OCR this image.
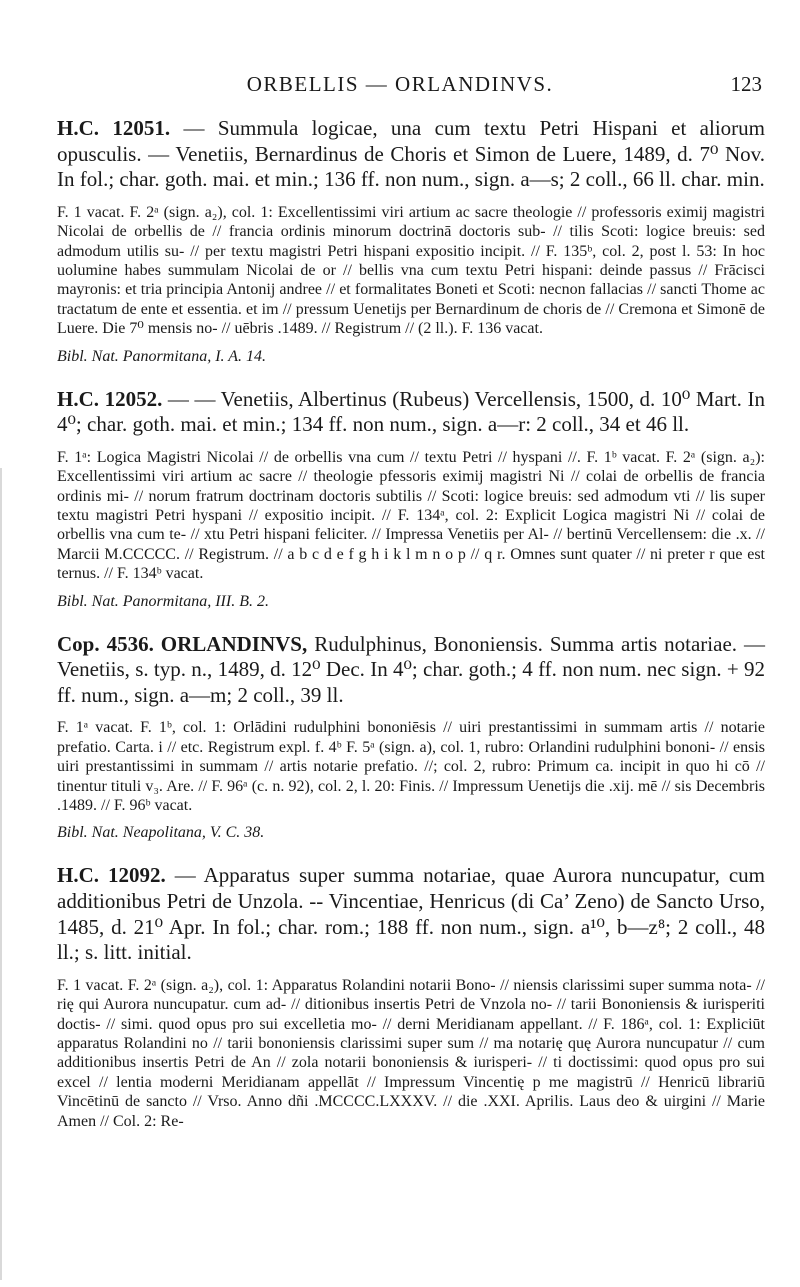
ORBELLIS — ORLANDINVS.	123

H.C. 12051. — Summula logicae, una cum textu Petri Hispani et aliorum opusculis. — Venetiis, Bernardinus de Choris et Simon de Luere, 1489, d. 7⁰ Nov. In fol.; char. goth. mai. et min.; 136 ff. non num., sign. a—s; 2 coll., 66 ll. char. min.

F. 1 vacat. F. 2ᵃ (sign. a₂), col. 1: Excellentissimi viri artium ac sacre theologie // professoris eximij magistri Nicolai de orbellis de // francia ordinis minorum doctrinā doctoris sub- // tilis Scoti: logice breuis: sed admodum utilis su- // per textu magistri Petri hispani expositio incipit. // F. 135ᵇ, col. 2, post l. 53: In hoc uolumine habes summulam Nicolai de or // bellis vna cum textu Petri hispani: deinde passus // Frācisci mayronis: et tria principia Antonij andree // et formalitates Boneti et Scoti: necnon fallacias // sancti Thome ac tractatum de ente et essentia. et im // pressum Uenetijs per Bernardinum de choris de // Cremona et Simonē de Luere. Die 7⁰ mensis no- // uēbris .1489. // Registrum // (2 ll.). F. 136 vacat.

Bibl. Nat. Panormitana, I. A. 14.

H.C. 12052. — — Venetiis, Albertinus (Rubeus) Vercellensis, 1500, d. 10⁰ Mart. In 4⁰; char. goth. mai. et min.; 134 ff. non num., sign. a—r: 2 coll., 34 et 46 ll.

F. 1ᵃ: Logica Magistri Nicolai // de orbellis vna cum // textu Petri // hyspani //. F. 1ᵇ vacat. F. 2ᵃ (sign. a₂): Excellentissimi viri artium ac sacre // theologie pfessoris eximij magistri Ni // colai de orbellis de francia ordinis mi- // norum fratrum doctrinam doctoris subtilis // Scoti: logice breuis: sed admodum vti // lis super textu magistri Petri hyspani // expositio incipit. // F. 134ᵃ, col. 2: Explicit Logica magistri Ni // colai de orbellis vna cum te- // xtu Petri hispani feliciter. // Impressa Venetiis per Al- // bertinū Vercellensem: die .x. // Marcii M.CCCCC. // Registrum. // a b c d e f g h i k l m n o p // q r. Omnes sunt quater // ni preter r que est ternus. // F. 134ᵇ vacat.

Bibl. Nat. Panormitana, III. B. 2.

Cop. 4536. ORLANDINVS, Rudulphinus, Bononiensis. Summa artis notariae. — Venetiis, s. typ. n., 1489, d. 12⁰ Dec. In 4⁰; char. goth.; 4 ff. non num. nec sign. + 92 ff. num., sign. a—m; 2 coll., 39 ll.

F. 1ᵃ vacat. F. 1ᵇ, col. 1: Orlādini rudulphini bononiēsis // uiri prestantissimi in summam artis // notarie prefatio. Carta. i // etc. Registrum expl. f. 4ᵇ F. 5ᵃ (sign. a), col. 1, rubro: Orlandini rudulphini bononi- // ensis uiri prestantissimi in summam // artis notarie prefatio. //; col. 2, rubro: Primum ca. incipit in quo hi cō // tinentur tituli v₃. Are. // F. 96ᵃ (c. n. 92), col. 2, l. 20: Finis. // Impressum Uenetijs die .xij. mē // sis Decembris .1489. // F. 96ᵇ vacat.

Bibl. Nat. Neapolitana, V. C. 38.

H.C. 12092. — Apparatus super summa notariae, quae Aurora nuncupatur, cum additionibus Petri de Unzola. -- Vincentiae, Henricus (di Ca’ Zeno) de Sancto Urso, 1485, d. 21⁰ Apr. In fol.; char. rom.; 188 ff. non num., sign. a¹⁰, b—z⁸; 2 coll., 48 ll.; s. litt. initial.

F. 1 vacat. F. 2ᵃ (sign. a₂), col. 1: Apparatus Rolandini notarii Bono- // niensis clarissimi super summa nota- // rię qui Aurora nuncupatur. cum ad- // ditionibus insertis Petri de Vnzola no- // tarii Bononiensis & iurisperiti doctis- // simi. quod opus pro sui excelletia mo- // derni Meridianam appellant. // F. 186ᵃ, col. 1: Expliciūt apparatus Rolandini no // tarii bononiensis clarissimi super sum // ma notarię quę Aurora nuncupatur // cum additionibus insertis Petri de An // zola notarii bononiensis & iurisperi- // ti doctissimi: quod opus pro sui excel // lentia moderni Meridianam appellāt // Impressum Vincentię p me magistrū // Henricū librariū Vincētinū de sancto // Vrso. Anno dñi .MCCCC.LXXXV. // die .XXI. Aprilis. Laus deo & uirgini // Marie Amen // Col. 2: Re-
